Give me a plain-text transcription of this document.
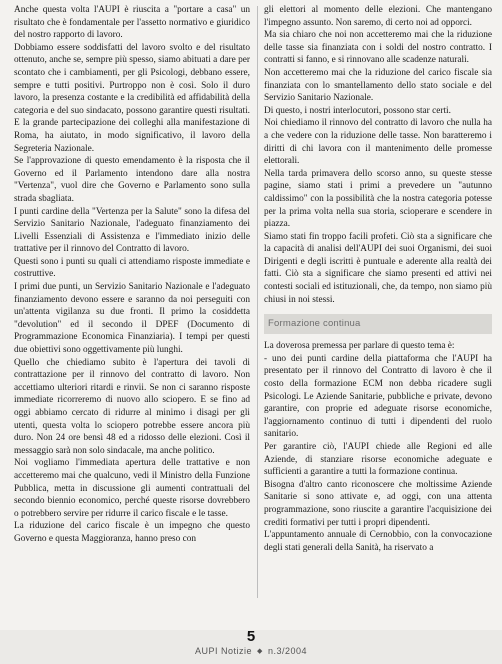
Anche questa volta l'AUPI è riuscita a "portare a casa" un risultato che è fondamentale per l'assetto normativo e giuridico del nostro rapporto di lavoro.

Dobbiamo essere soddisfatti del lavoro svolto e del risultato ottenuto, anche se, sempre più spesso, siamo abituati a dare per scontato che i cambiamenti, per gli Psicologi, debbano essere, sempre e tutti positivi. Purtroppo non è così. Solo il duro lavoro, la presenza costante e la credibilità ed affidabilità della categoria e del suo sindacato, possono garantire questi risultati. E la grande partecipazione dei colleghi alla manifestazione di Roma, ha aiutato, in modo significativo, il lavoro della Segreteria Nazionale.

Se l'approvazione di questo emendamento è la risposta che il Governo ed il Parlamento intendono dare alla nostra "Vertenza", vuol dire che Governo e Parlamento sono sulla strada sbagliata.

I punti cardine della "Vertenza per la Salute" sono la difesa del Servizio Sanitario Nazionale, l'adeguato finanziamento dei Livelli Essenziali di Assistenza e l'immediato inizio delle trattative per il rinnovo del Contratto di lavoro.

Questi sono i punti su quali ci attendiamo risposte immediate e costruttive.

I primi due punti, un Servizio Sanitario Nazionale e l'adeguato finanziamento devono essere e saranno da noi perseguiti con un'attenta vigilanza su due fronti. Il primo la cosiddetta "devolution" ed il secondo il DPEF (Documento di Programmazione Economica Finanziaria). I tempi per questi due obiettivi sono oggettivamente più lunghi.

Quello che chiediamo subito è l'apertura dei tavoli di contrattazione per il rinnovo del contratto di lavoro. Non accettiamo ulteriori ritardi e rinvii. Se non ci saranno risposte immediate ricorreremo di nuovo allo sciopero. E se fino ad oggi abbiamo cercato di ridurre al minimo i disagi per gli utenti, questa volta lo sciopero potrebbe essere ancora più duro. Non 24 ore bensì 48 ed a ridosso delle elezioni. Così il messaggio sarà non solo sindacale, ma anche politico.

Noi vogliamo l'immediata apertura delle trattative e non accetteremo mai che qualcuno, vedi il Ministro della Funzione Pubblica, metta in discussione gli aumenti contrattuali del secondo biennio economico, perché queste risorse dovrebbero o potrebbero servire per ridurre il carico fiscale e le tasse.

La riduzione del carico fiscale è un impegno che questo Governo e questa Maggioranza, hanno preso con

gli elettori al momento delle elezioni. Che mantengano l'impegno assunto. Non saremo, di certo noi ad opporci.

Ma sia chiaro che noi non accetteremo mai che la riduzione delle tasse sia finanziata con i soldi del nostro contratto. I contratti si fanno, e si rinnovano alle scadenze naturali.

Non accetteremo mai che la riduzione del carico fiscale sia finanziata con lo smantellamento dello stato sociale e del Servizio Sanitario Nazionale.

Di questo, i nostri interlocutori, possono star certi.

Noi chiediamo il rinnovo del contratto di lavoro che nulla ha a che vedere con la riduzione delle tasse. Non baratteremo i diritti di chi lavora con il mantenimento delle promesse elettorali.

Nella tarda primavera dello scorso anno, su queste stesse pagine, siamo stati i primi a prevedere un "autunno caldissimo" con la possibilità che la nostra categoria potesse per la prima volta nella sua storia, scioperare e scendere in piazza.

Siamo stati fin troppo facili profeti. Ciò sta a significare che la capacità di analisi dell'AUPI dei suoi Organismi, dei suoi Dirigenti e degli iscritti è puntuale e aderente alla realtà dei fatti. Ciò sta a significare che siamo presenti ed attivi nei contesti sociali ed istituzionali, che, da tempo, non siamo più chiusi in noi stessi.

Formazione continua

La doverosa premessa per parlare di questo tema è:

- uno dei punti cardine della piattaforma che l'AUPI ha presentato per il rinnovo del Contratto di lavoro è che il costo della formazione ECM non debba ricadere sugli Psicologi. Le Aziende Sanitarie, pubbliche e private, devono garantire, con proprie ed adeguate risorse economiche, l'aggiornamento continuo di tutti i dipendenti del ruolo sanitario.

Per garantire ciò, l'AUPI chiede alle Regioni ed alle Aziende, di stanziare risorse economiche adeguate e sufficienti a garantire a tutti la formazione continua.

Bisogna d'altro canto riconoscere che moltissime Aziende Sanitarie si sono attivate e, ad oggi, con una attenta programmazione, sono riuscite a garantire l'acquisizione dei crediti formativi per tutti i propri dipendenti.

L'appuntamento annuale di Cernobbio, con la convocazione degli stati generali della Sanità, ha riservato a

5
AUPI Notizie ◆ n.3/2004
